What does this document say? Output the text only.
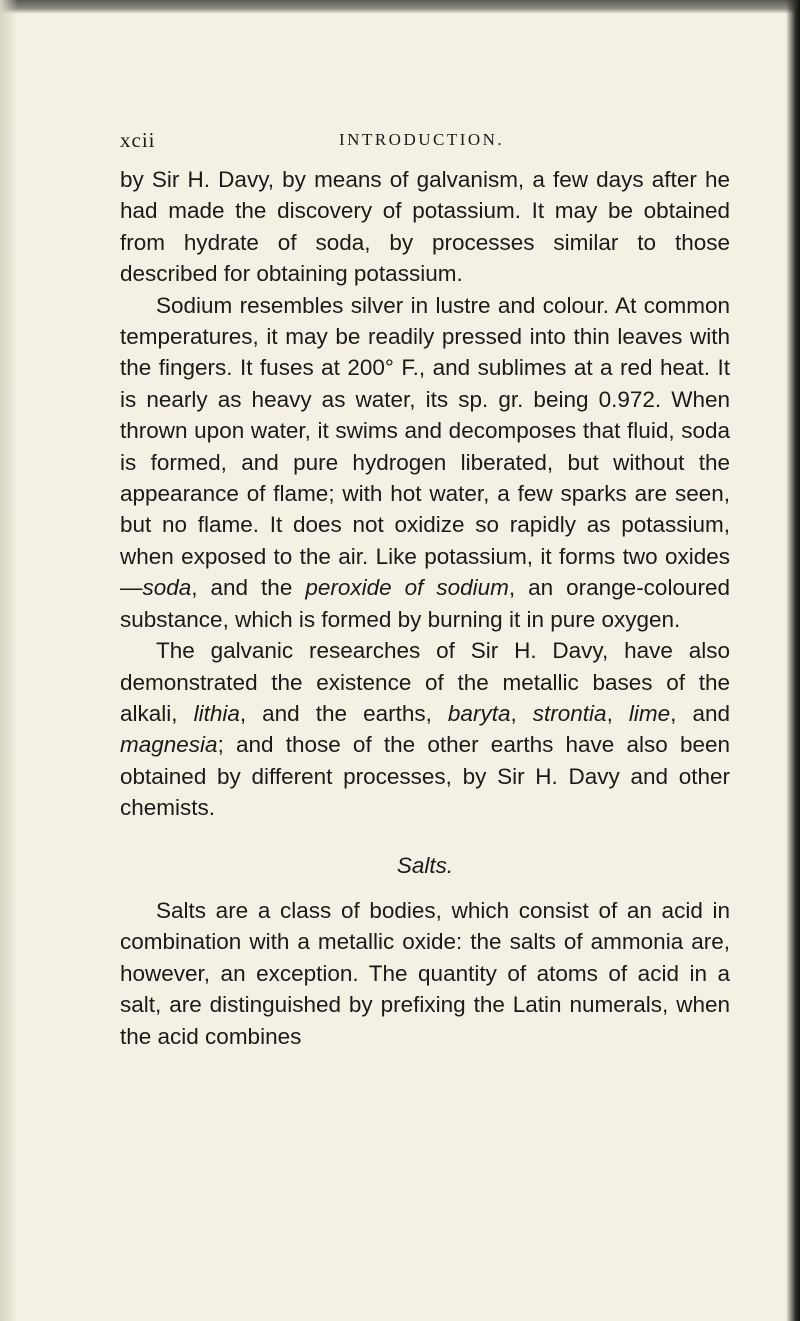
xcii	INTRODUCTION.

by Sir H. Davy, by means of galvanism, a few days after he had made the discovery of potassium. It may be obtained from hydrate of soda, by processes similar to those described for obtaining potassium.

Sodium resembles silver in lustre and colour. At common temperatures, it may be readily pressed into thin leaves with the fingers. It fuses at 200° F., and sublimes at a red heat. It is nearly as heavy as water, its sp. gr. being 0.972. When thrown upon water, it swims and decomposes that fluid, soda is formed, and pure hydrogen liberated, but without the appearance of flame; with hot water, a few sparks are seen, but no flame. It does not oxidize so rapidly as potassium, when exposed to the air. Like potassium, it forms two oxides—soda, and the peroxide of sodium, an orange-coloured substance, which is formed by burning it in pure oxygen.

The galvanic researches of Sir H. Davy, have also demonstrated the existence of the metallic bases of the alkali, lithia, and the earths, baryta, strontia, lime, and magnesia; and those of the other earths have also been obtained by different processes, by Sir H. Davy and other chemists.

Salts.

Salts are a class of bodies, which consist of an acid in combination with a metallic oxide: the salts of ammonia are, however, an exception. The quantity of atoms of acid in a salt, are distinguished by prefixing the Latin numerals, when the acid combines
